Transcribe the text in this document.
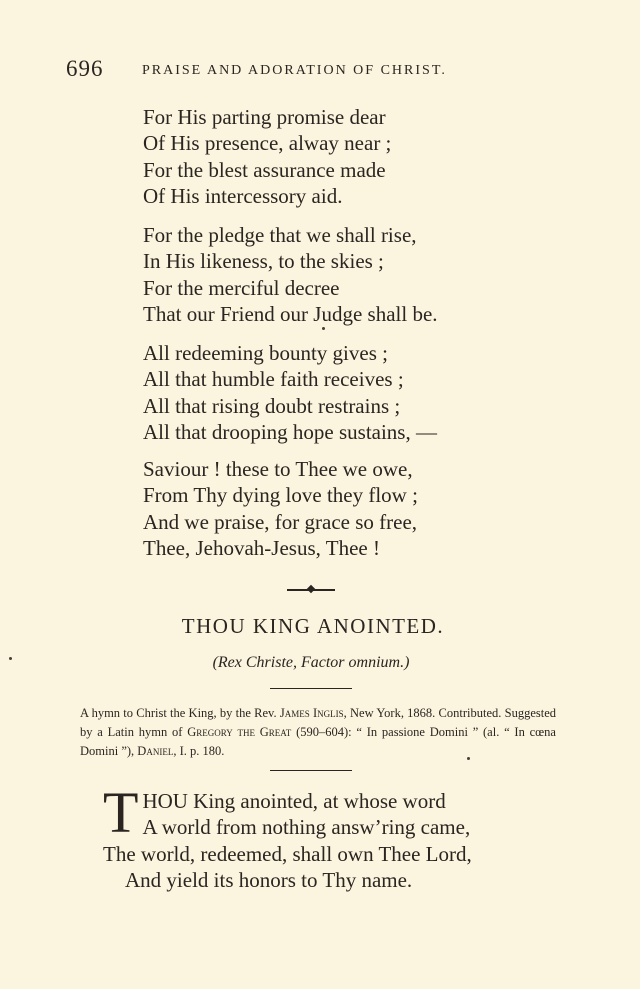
696	PRAISE AND ADORATION OF CHRIST.
For His parting promise dear
Of His presence, alway near ;
For the blest assurance made
Of His intercessory aid.
For the pledge that we shall rise,
In His likeness, to the skies ;
For the merciful decree
That our Friend our Judge shall be.
All redeeming bounty gives ;
All that humble faith receives ;
All that rising doubt restrains ;
All that drooping hope sustains, —
Saviour ! these to Thee we owe,
From Thy dying love they flow ;
And we praise, for grace so free,
Thee, Jehovah-Jesus, Thee !
THOU KING ANOINTED.
(Rex Christe, Factor omnium.)
A hymn to Christ the King, by the Rev. James Inglis, New York, 1868. Contributed. Suggested by a Latin hymn of Gregory the Great (590–604): “ In passione Domini ” (al. “ In cœna Domini ”), Daniel, I. p. 180.
T HOU King anointed, at whose word
A world from nothing answ’ring came,
The world, redeemed, shall own Thee Lord,
And yield its honors to Thy name.
